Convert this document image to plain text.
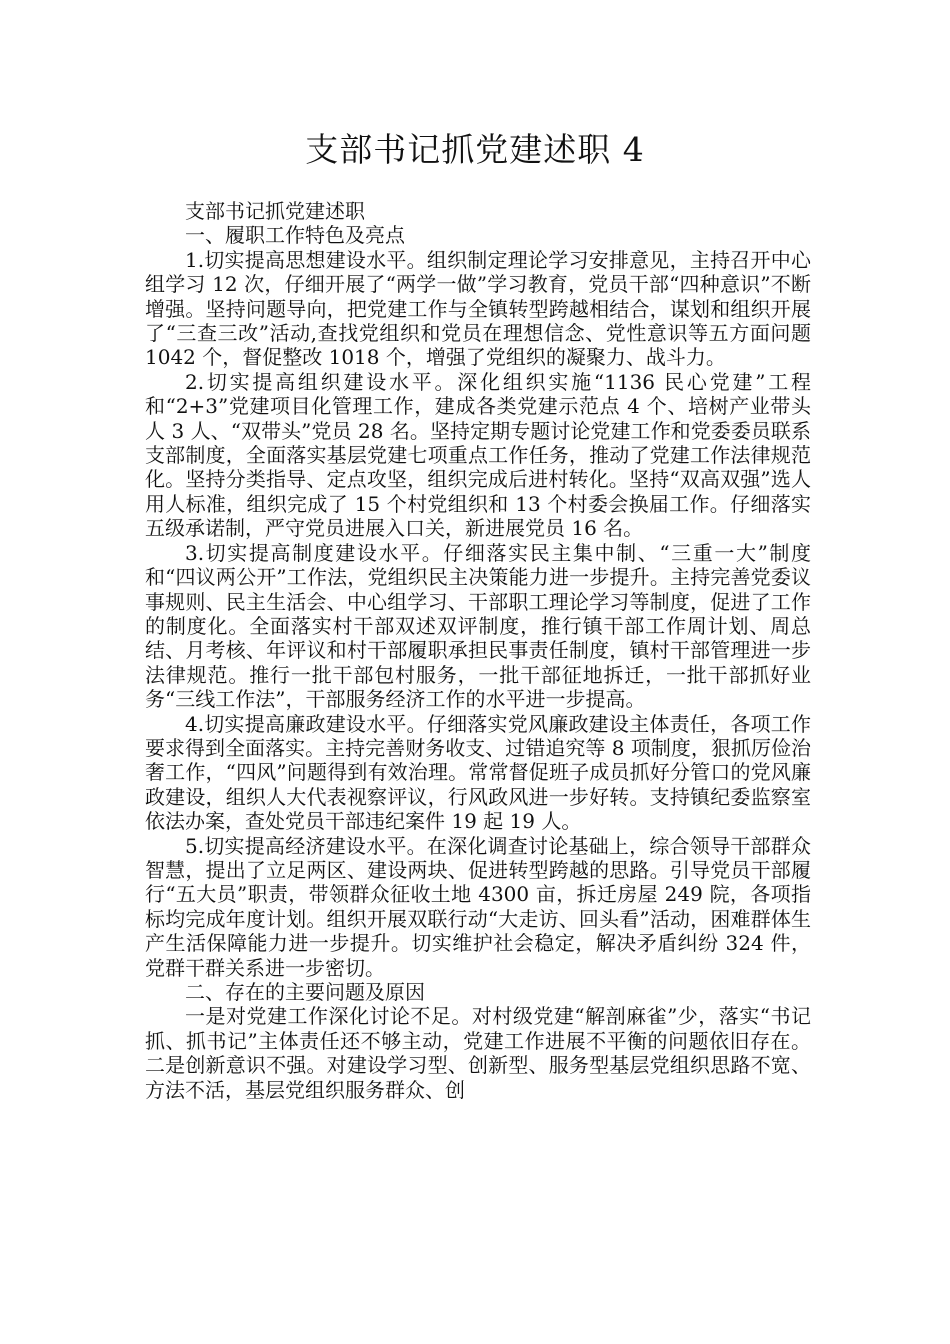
支部书记抓党建述职 4

支部书记抓党建述职

一、履职工作特色及亮点

1.切实提高思想建设水平。组织制定理论学习安排意见，主持召开中心组学习 12 次，仔细开展了“两学一做”学习教育，党员干部“四种意识”不断增强。坚持问题导向，把党建工作与全镇转型跨越相结合，谋划和组织开展了“三查三改”活动,查找党组织和党员在理想信念、党性意识等五方面问题 1042 个，督促整改 1018 个，增强了党组织的凝聚力、战斗力。

2.切实提高组织建设水平。深化组织实施“1136 民心党建”工程和“2+3”党建项目化管理工作，建成各类党建示范点 4 个、培树产业带头人 3 人、“双带头”党员 28 名。坚持定期专题讨论党建工作和党委委员联系支部制度，全面落实基层党建七项重点工作任务，推动了党建工作法律规范化。坚持分类指导、定点攻坚，组织完成后进村转化。坚持“双高双强”选人用人标准，组织完成了 15 个村党组织和 13 个村委会换届工作。仔细落实五级承诺制，严守党员进展入口关，新进展党员 16 名。

3.切实提高制度建设水平。仔细落实民主集中制、“三重一大”制度和“四议两公开”工作法，党组织民主决策能力进一步提升。主持完善党委议事规则、民主生活会、中心组学习、干部职工理论学习等制度，促进了工作的制度化。全面落实村干部双述双评制度，推行镇干部工作周计划、周总结、月考核、年评议和村干部履职承担民事责任制度，镇村干部管理进一步法律规范。推行一批干部包村服务，一批干部征地拆迁，一批干部抓好业务“三线工作法”，干部服务经济工作的水平进一步提高。

4.切实提高廉政建设水平。仔细落实党风廉政建设主体责任，各项工作要求得到全面落实。主持完善财务收支、过错追究等 8 项制度，狠抓厉俭治奢工作，“四风”问题得到有效治理。常常督促班子成员抓好分管口的党风廉政建设，组织人大代表视察评议，行风政风进一步好转。支持镇纪委监察室依法办案，查处党员干部违纪案件 19 起 19 人。

5.切实提高经济建设水平。在深化调查讨论基础上，综合领导干部群众智慧，提出了立足两区、建设两块、促进转型跨越的思路。引导党员干部履行“五大员”职责，带领群众征收土地 4300 亩，拆迁房屋 249 院，各项指标均完成年度计划。组织开展双联行动“大走访、回头看”活动，困难群体生产生活保障能力进一步提升。切实维护社会稳定，解决矛盾纠纷 324 件，党群干群关系进一步密切。

二、存在的主要问题及原因

一是对党建工作深化讨论不足。对村级党建“解剖麻雀”少，落实“书记抓、抓书记”主体责任还不够主动，党建工作进展不平衡的问题依旧存在。二是创新意识不强。对建设学习型、创新型、服务型基层党组织思路不宽、方法不活，基层党组织服务群众、创
